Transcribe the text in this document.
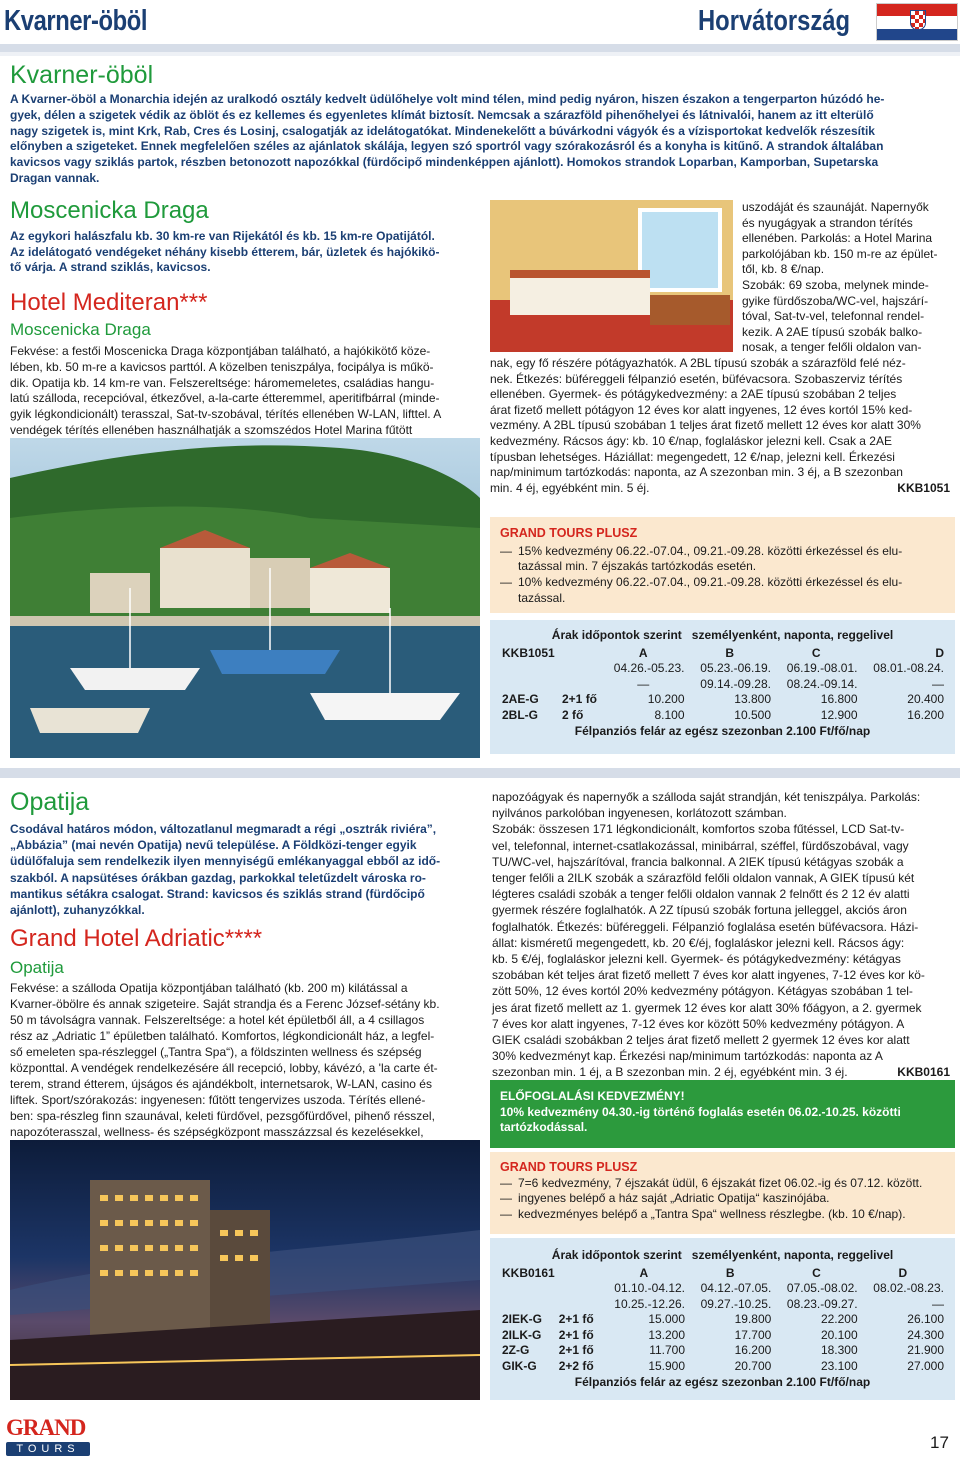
Kvarner-öböl	Horvátország
Kvarner-öböl
A Kvarner-öböl a Monarchia idején az uralkodó osztály kedvelt üdülőhelye volt mind télen, mind pedig nyáron, hiszen északon a tengerparton húzódó he-
gyek, délen a szigetek védik az öblöt és ez kellemes és egyenletes klímát biztosít. Nemcsak a szárazföld pihenőhelyei és látnivalói, hanem az itt elterülő
nagy szigetek is, mint Krk, Rab, Cres és Losinj, csalogatják az idelátogatókat. Mindenekelőtt a búvárkodni vágyók és a vízisportokat kedvelők részesítik
előnyben a szigeteket. Ennek megfelelően széles az ajánlatok skálája, legyen szó sportról vagy szórakozásról és a konyha is kitűnő. A strandok általában
kavicsos vagy sziklás partok, részben betonozott napozókkal (fürdőcipő mindenképpen ajánlott). Homokos strandok Loparban, Kamporban, Supetarska
Dragan vannak.
Moscenicka Draga
Az egykori halászfalu kb. 30 km-re van Rijekától és kb. 15 km-re Opatijától.
Az idelátogató vendégeket néhány kisebb étterem, bár, üzletek és hajókikö-
tő várja. A strand sziklás, kavicsos.
Hotel Mediteran***
Moscenicka Draga
Fekvése: a festői Moscenicka Draga központjában található, a hajókikötő köze-
lében, kb. 50 m-re a kavicsos parttól. A közelben teniszpálya, focipálya is műkö-
dik. Opatija kb. 14 km-re van. Felszereltsége: háromemeletes, családias hangu-
latú szálloda, recepcióval, étkezővel, a-la-carte étteremmel, aperitifbárral (minde-
gyik légkondicionált) terasszal, Sat-tv-szobával, térítés ellenében W-LAN, lifttel. A
vendégek térítés ellenében használhatják a szomszédos Hotel Marina fűtött
uszodáját és szaunáját. Napernyők
és nyugágyak a strandon térítés
ellenében. Parkolás: a Hotel Marina
parkolójában kb. 150 m-re az épület-
től, kb. 8 €/nap.
Szobák: 69 szoba, melynek minde-
gyike fürdőszoba/WC-vel, hajszárí-
tóval, Sat-tv-vel, telefonnal rendel-
kezik. A 2AE típusú szobák balko-
nosak, a tenger felőli oldalon van-
nak, egy fő részére pótágyazhatók. A 2BL típusú szobák a szárazföld felé néz-
nek. Étkezés: büféreggeli félpanzió esetén, büfévacsora. Szobaszerviz térítés
ellenében. Gyermek- és pótágykedvezmény: a 2AE típusú szobában 2 teljes
árat fizető mellett pótágyon 12 éves kor alatt ingyenes, 12 éves kortól 15% ked-
vezmény. A 2BL típusú szobában 1 teljes árat fizető mellett 12 éves kor alatt 30%
kedvezmény. Rácsos ágy: kb. 10 €/nap, foglaláskor jelezni kell. Csak a 2AE
típusban lehetséges. Háziállat: megengedett, 12 €/nap, jelezni kell. Érkezési
nap/minimum tartózkodás: naponta, az A szezonban min. 3 éj, a B szezonban
min. 4 éj, egyébként min. 5 éj.	KKB1051
GRAND TOURS PLUSZ
— 15% kedvezmény 06.22.-07.04., 09.21.-09.28. közötti érkezéssel és elu-
tazással min. 7 éjszakás tartózkodás esetén.
— 10% kedvezmény 06.22.-07.04., 09.21.-09.28. közötti érkezéssel és elu-
tazással.
Árak időpontok szerint   személyenként, naponta, reggelivel
KKB1051		A	B	C	D
		04.26.-05.23.	05.23.-06.19.	06.19.-08.01.	08.01.-08.24.
		—	09.14.-09.28.	08.24.-09.14.	—
2AE-G	2+1 fő	10.200	13.800	16.800	20.400
2BL-G	2 fő	8.100	10.500	12.900	16.200
Félpanziós felár az egész szezonban 2.100 Ft/fő/nap
Opatija
Csodával határos módon, változatlanul megmaradt a régi „osztrák riviéra”,
„Abbázia” (mai nevén Opatija) nevű települése. A Földközi-tenger egyik
üdülőfaluja sem rendelkezik ilyen mennyiségű emlékanyaggal ebből az idő-
szakból. A napsütéses órákban gazdag, parkokkal teletűzdelt városka ro-
mantikus sétákra csalogat. Strand: kavicsos és sziklás strand (fürdőcipő
ajánlott), zuhanyzókkal.
Grand Hotel Adriatic****
Opatija
Fekvése: a szálloda Opatija központjában található (kb. 200 m) kilátással a
Kvarner-öbölre és annak szigeteire. Saját strandja és a Ferenc József-sétány kb.
50 m távolságra vannak. Felszereltsége: a hotel két épületből áll, a 4 csillagos
rész az „Adriatic 1” épületben található. Komfortos, légkondicionált ház, a legfel-
ső emeleten spa-részleggel („Tantra Spa“), a földszinten wellness és szépség
központtal. A vendégek rendelkezésére áll recepció, lobby, kávézó, a 'la carte ét-
terem, strand étterem, újságos és ajándékbolt, internetsarok, W-LAN, casino és
liftek. Sport/szórakozás: ingyenesen: fűtött tengervizes uszoda. Térítés ellené-
ben: spa-részleg finn szaunával, keleti fürdővel, pezsgőfürdővel, pihenő résszel,
napozóterasszal, wellness- és szépségközpont masszázzsal és kezelésekkel,
napozóágyak és napernyők a szálloda saját strandján, két teniszpálya. Parkolás:
nyilvános parkolóban ingyenesen, korlátozott számban.
Szobák: összesen 171 légkondicionált, komfortos szoba fűtéssel, LCD Sat-tv-
vel, telefonnal, internet-csatlakozással, minibárral, széffel, fürdőszobával, vagy
TU/WC-vel, hajszárítóval, francia balkonnal. A 2IEK típusú kétágyas szobák a
tenger felőli a 2ILK szobák a szárazföld felőli oldalon vannak, A GIEK típusú két
légteres családi szobák a tenger felőli oldalon vannak 2 felnőtt és 2 12 év alatti
gyermek részére foglalhatók. A 2Z típusú szobák fortuna jelleggel, akciós áron
foglalhatók. Étkezés: büféreggeli. Félpanzió foglalása esetén büfévacsora. Házi-
állat: kisméretű megengedett, kb. 20 €/éj, foglaláskor jelezni kell. Rácsos ágy:
kb. 5 €/éj, foglaláskor jelezni kell. Gyermek- és pótágykedvezmény: kétágyas
szobában két teljes árat fizető mellett 7 éves kor alatt ingyenes, 7-12 éves kor kö-
zött 50%, 12 éves kortól 20% kedvezmény pótágyon. Kétágyas szobában 1 tel-
jes árat fizető mellett az 1. gyermek 12 éves kor alatt 30% főágyon, a 2. gyermek
7 éves kor alatt ingyenes, 7-12 éves kor között 50% kedvezmény pótágyon. A
GIEK családi szobákban 2 teljes árat fizető mellett 2 gyermek 12 éves kor alatt
30% kedvezményt kap. Érkezési nap/minimum tartózkodás: naponta az A
szezonban min. 1 éj, a B szezonban min. 2 éj, egyébként min. 3 éj.	KKB0161
ELŐFOGLALÁSI KEDVEZMÉNY!
10% kedvezmény 04.30.-ig történő foglalás esetén 06.02.-10.25. közötti
tartózkodással.
GRAND TOURS PLUSZ
— 7=6 kedvezmény, 7 éjszakát üdül, 6 éjszakát fizet 06.02.-ig és 07.12. között.
— ingyenes belépő a ház saját „Adriatic Opatija“ kaszinójába.
— kedvezményes belépő a „Tantra Spa“ wellness részlegbe. (kb. 10 €/nap).
Árak időpontok szerint   személyenként, naponta, reggelivel
KKB0161		A	B	C	D
		01.10.-04.12.	04.12.-07.05.	07.05.-08.02.	08.02.-08.23.
		10.25.-12.26.	09.27.-10.25.	08.23.-09.27.	—
2IEK-G	2+1 fő	15.000	19.800	22.200	26.100
2ILK-G	2+1 fő	13.200	17.700	20.100	24.300
2Z-G	2+1 fő	11.700	16.200	18.300	21.900
GIK-G	2+2 fő	15.900	20.700	23.100	27.000
Félpanziós felár az egész szezonban 2.100 Ft/fő/nap
GRAND
TOURS	17
